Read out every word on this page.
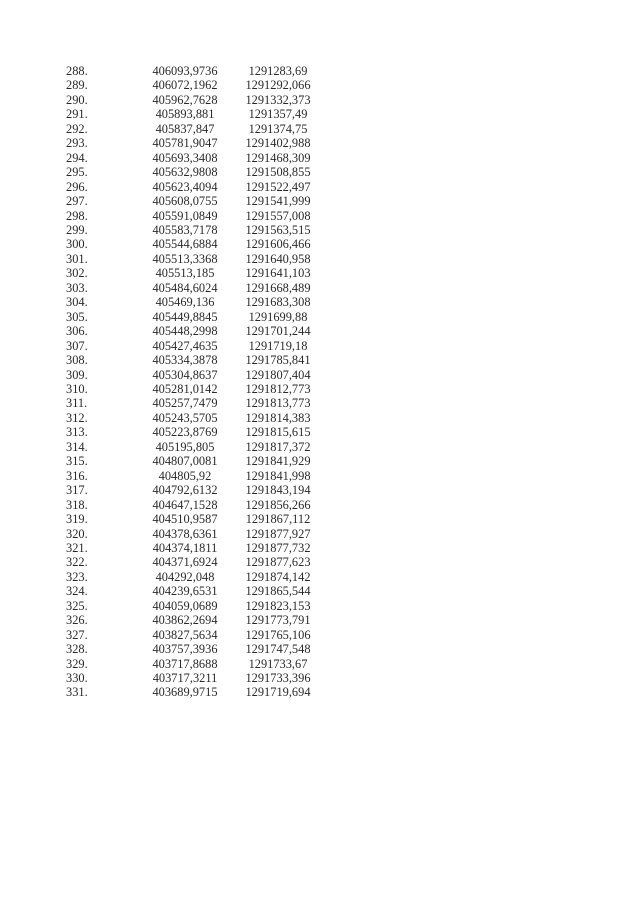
288.	406093,9736	1291283,69
289.	406072,1962	1291292,066
290.	405962,7628	1291332,373
291.	405893,881	1291357,49
292.	405837,847	1291374,75
293.	405781,9047	1291402,988
294.	405693,3408	1291468,309
295.	405632,9808	1291508,855
296.	405623,4094	1291522,497
297.	405608,0755	1291541,999
298.	405591,0849	1291557,008
299.	405583,7178	1291563,515
300.	405544,6884	1291606,466
301.	405513,3368	1291640,958
302.	405513,185	1291641,103
303.	405484,6024	1291668,489
304.	405469,136	1291683,308
305.	405449,8845	1291699,88
306.	405448,2998	1291701,244
307.	405427,4635	1291719,18
308.	405334,3878	1291785,841
309.	405304,8637	1291807,404
310.	405281,0142	1291812,773
311.	405257,7479	1291813,773
312.	405243,5705	1291814,383
313.	405223,8769	1291815,615
314.	405195,805	1291817,372
315.	404807,0081	1291841,929
316.	404805,92	1291841,998
317.	404792,6132	1291843,194
318.	404647,1528	1291856,266
319.	404510,9587	1291867,112
320.	404378,6361	1291877,927
321.	404374,1811	1291877,732
322.	404371,6924	1291877,623
323.	404292,048	1291874,142
324.	404239,6531	1291865,544
325.	404059,0689	1291823,153
326.	403862,2694	1291773,791
327.	403827,5634	1291765,106
328.	403757,3936	1291747,548
329.	403717,8688	1291733,67
330.	403717,3211	1291733,396
331.	403689,9715	1291719,694
